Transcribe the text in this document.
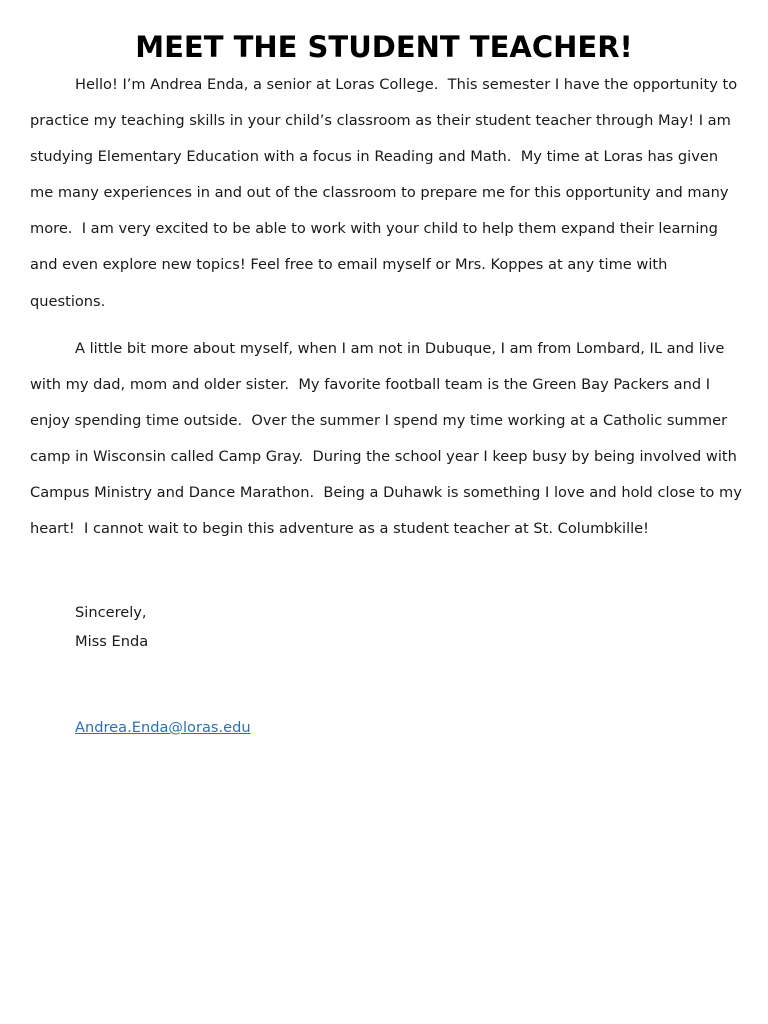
MEET THE STUDENT TEACHER!

Hello! I’m Andrea Enda, a senior at Loras College.  This semester I have the opportunity to practice my teaching skills in your child’s classroom as their student teacher through May! I am studying Elementary Education with a focus in Reading and Math.  My time at Loras has given me many experiences in and out of the classroom to prepare me for this opportunity and many more.  I am very excited to be able to work with your child to help them expand their learning and even explore new topics! Feel free to email myself or Mrs. Koppes at any time with questions.

A little bit more about myself, when I am not in Dubuque, I am from Lombard, IL and live with my dad, mom and older sister.  My favorite football team is the Green Bay Packers and I enjoy spending time outside.  Over the summer I spend my time working at a Catholic summer camp in Wisconsin called Camp Gray.  During the school year I keep busy by being involved with Campus Ministry and Dance Marathon.  Being a Duhawk is something I love and hold close to my heart!  I cannot wait to begin this adventure as a student teacher at St. Columbkille!

Sincerely,
Miss Enda
Andrea.Enda@loras.edu
